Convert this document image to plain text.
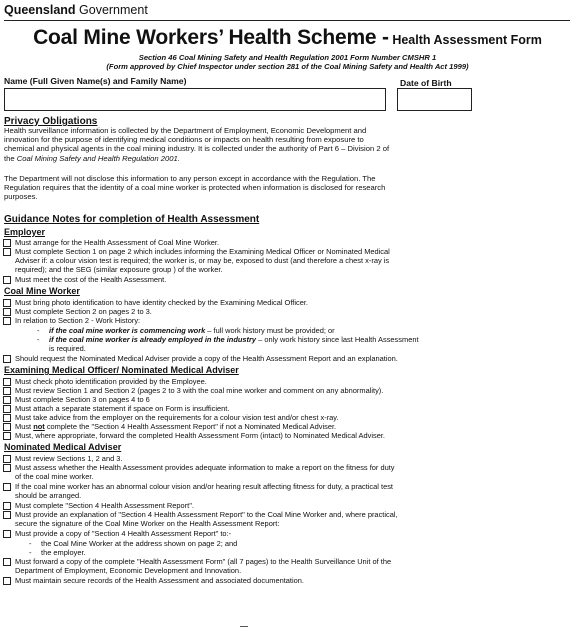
Queensland Government
Coal Mine Workers’ Health Scheme - Health Assessment Form
Section 46 Coal Mining Safety and Health Regulation 2001 Form Number CMSHR 1
(Form approved by Chief Inspector under section 281 of the Coal Mining Safety and Health Act 1999)
Name (Full Given Name(s) and Family Name)	Date of Birth
Privacy Obligations
Health surveillance information is collected by the Department of Employment, Economic Development and
innovation for the purpose of identifying medical conditions or impacts on health resulting from exposure to
chemical and physical agents in the coal mining industry. It is collected under the authority of Part 6 – Division 2 of
the Coal Mining Safety and Health Regulation 2001.
The Department will not disclose this information to any person except in accordance with the Regulation. The
Regulation requires that the identity of a coal mine worker is protected when information is disclosed for research
purposes.
Guidance Notes for completion of Health Assessment
Employer
Must arrange for the Health Assessment of Coal Mine Worker.
Must complete Section 1 on page 2 which includes informing the Examining Medical Officer or Nominated Medical
Adviser if: a colour vision test is required; the worker is, or may be, exposed to dust (and therefore a chest x-ray is
required); and the SEG (similar exposure group ) of the worker.
Must meet the cost of the Health Assessment.
Coal Mine Worker
Must bring photo identification to have identity checked by the Examining Medical Officer.
Must complete Section 2 on pages 2 to 3.
In relation to Section 2 - Work History:
- if the coal mine worker is commencing work – full work history must be provided; or
- if the coal mine worker is already employed in the industry – only work history since last Health Assessment
is required.
Should request the Nominated Medical Adviser provide a copy of the Health Assessment Report and an explanation.
Examining Medical Officer/ Nominated Medical Adviser
Must check photo identification provided by the Employee.
Must review Section 1 and Section 2 (pages 2 to 3 with the coal mine worker and comment on any abnormality).
Must complete Section 3 on pages 4 to 6
Must attach a separate statement if space on Form is insufficient.
Must take advice from the employer on the requirements for a colour vision test and/or chest x-ray.
Must not complete the "Section 4 Health Assessment Report" if not a Nominated Medical Adviser.
Must, where appropriate, forward the completed Health Assessment Form (intact) to Nominated Medical Adviser.
Nominated Medical Adviser
Must review Sections 1, 2 and 3.
Must assess whether the Health Assessment provides adequate information to make a report on the fitness for duty
of the coal mine worker.
If the coal mine worker has an abnormal colour vision and/or hearing result affecting fitness for duty, a practical test
should be arranged.
Must complete "Section 4 Health Assessment Report".
Must provide an explanation of "Section 4 Health Assessment Report" to the Coal Mine Worker and, where practical,
secure the signature of the Coal Mine Worker on the Health Assessment Report:
Must provide a copy of "Section 4 Health Assessment Report" to:-
- the Coal Mine Worker at the address shown on page 2; and
- the employer.
Must forward a copy of the complete "Health Assessment Form" (all 7 pages) to the Health Surveillance Unit of the
Department of Employment, Economic Development and Innovation.
Must maintain secure records of the Health Assessment and associated documentation.
